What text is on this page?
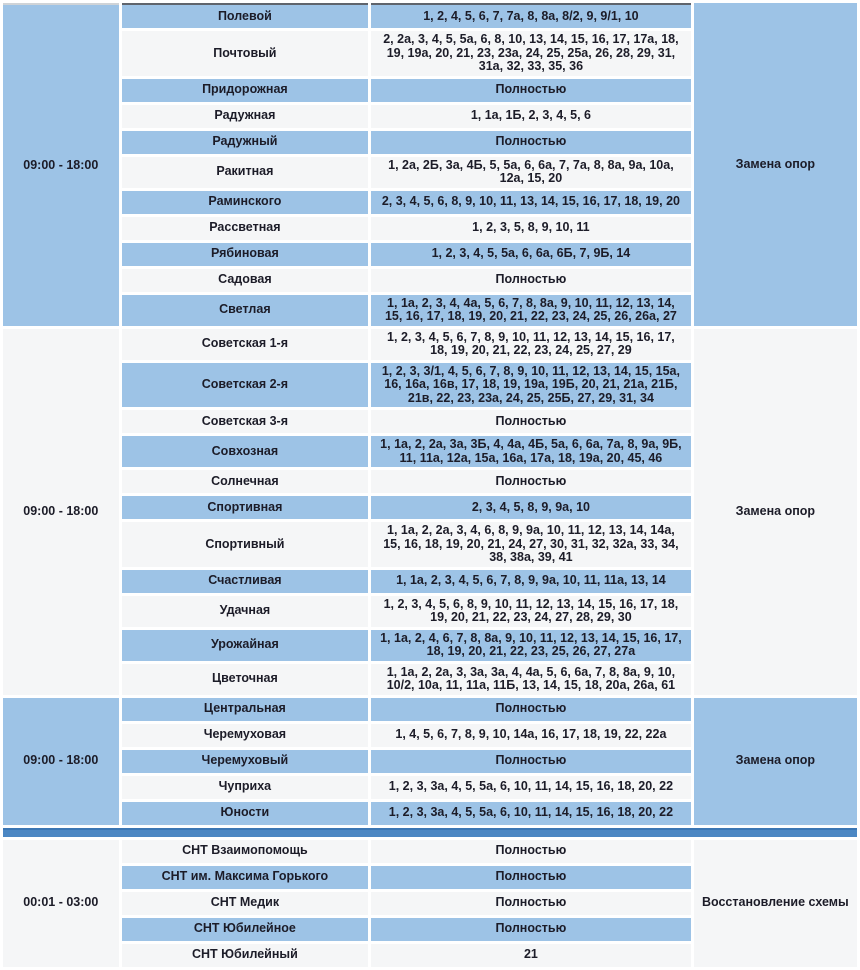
09:00 - 18:00	Полевой	1, 2, 4, 5, 6, 7, 7а, 8, 8а, 8/2, 9, 9/1, 10	Замена опор
	Почтовый	2, 2а, 3, 4, 5, 5а, 6, 8, 10, 13, 14, 15, 16, 17, 17а, 18, 19, 19а, 20, 21, 23, 23а, 24, 25, 25а, 26, 28, 29, 31, 31а, 32, 33, 35, 36	
	Придорожная	Полностью	
	Радужная	1, 1а, 1Б, 2, 3, 4, 5, 6	
	Радужный	Полностью	
	Ракитная	1, 2а, 2Б, 3а, 4Б, 5, 5а, 6, 6а, 7, 7а, 8, 8а, 9а, 10а, 12а, 15, 20	
	Раминского	2, 3, 4, 5, 6, 8, 9, 10, 11, 13, 14, 15, 16, 17, 18, 19, 20	
	Рассветная	1, 2, 3, 5, 8, 9, 10, 11	
	Рябиновая	1, 2, 3, 4, 5, 5а, 6, 6а, 6Б, 7, 9Б, 14	
	Садовая	Полностью	
	Светлая	1, 1а, 2, 3, 4, 4а, 5, 6, 7, 8, 8а, 9, 10, 11, 12, 13, 14, 15, 16, 17, 18, 19, 20, 21, 22, 23, 24, 25, 26, 26а, 27	
09:00 - 18:00	Советская 1-я	1, 2, 3, 4, 5, 6, 7, 8, 9, 10, 11, 12, 13, 14, 15, 16, 17, 18, 19, 20, 21, 22, 23, 24, 25, 27, 29	Замена опор
	Советская 2-я	1, 2, 3, 3/1, 4, 5, 6, 7, 8, 9, 10, 11, 12, 13, 14, 15, 15а, 16, 16а, 16в, 17, 18, 19, 19а, 19Б, 20, 21, 21а, 21Б, 21в, 22, 23, 23а, 24, 25, 25Б, 27, 29, 31, 34	
	Советская 3-я	Полностью	
	Совхозная	1, 1а, 2, 2а, 3а, 3Б, 4, 4а, 4Б, 5а, 6, 6а, 7а, 8, 9а, 9Б, 11, 11а, 12а, 15а, 16а, 17а, 18, 19а, 20, 45, 46	
	Солнечная	Полностью	
	Спортивная	2, 3, 4, 5, 8, 9, 9а, 10	
	Спортивный	1, 1а, 2, 2а, 3, 4, 6, 8, 9, 9а, 10, 11, 12, 13, 14, 14а, 15, 16, 18, 19, 20, 21, 24, 27, 30, 31, 32, 32а, 33, 34, 38, 38а, 39, 41	
	Счастливая	1, 1а, 2, 3, 4, 5, 6, 7, 8, 9, 9а, 10, 11, 11а, 13, 14	
	Удачная	1, 2, 3, 4, 5, 6, 8, 9, 10, 11, 12, 13, 14, 15, 16, 17, 18, 19, 20, 21, 22, 23, 24, 27, 28, 29, 30	
	Урожайная	1, 1а, 2, 4, 6, 7, 8, 8а, 9, 10, 11, 12, 13, 14, 15, 16, 17, 18, 19, 20, 21, 22, 23, 25, 26, 27, 27а	
	Цветочная	1, 1а, 2, 2а, 3, 3а, 3а, 4, 4а, 5, 6, 6а, 7, 8, 8а, 9, 10, 10/2, 10а, 11, 11а, 11Б, 13, 14, 15, 18, 20а, 26а, 61	
09:00 - 18:00	Центральная	Полностью	Замена опор
	Черемуховая	1, 4, 5, 6, 7, 8, 9, 10, 14а, 16, 17, 18, 19, 22, 22а	
	Черемуховый	Полностью	
	Чуприха	1, 2, 3, 3а, 4, 5, 5а, 6, 10, 11, 14, 15, 16, 18, 20, 22	
	Юности	1, 2, 3, 3а, 4, 5, 5а, 6, 10, 11, 14, 15, 16, 18, 20, 22	

00:01 - 03:00	СНТ Взаимопомощь	Полностью	Восстановление схемы
	СНТ им. Максима Горького	Полностью	
	СНТ Медик	Полностью	
	СНТ Юбилейное	Полностью	
	СНТ Юбилейный	21	
